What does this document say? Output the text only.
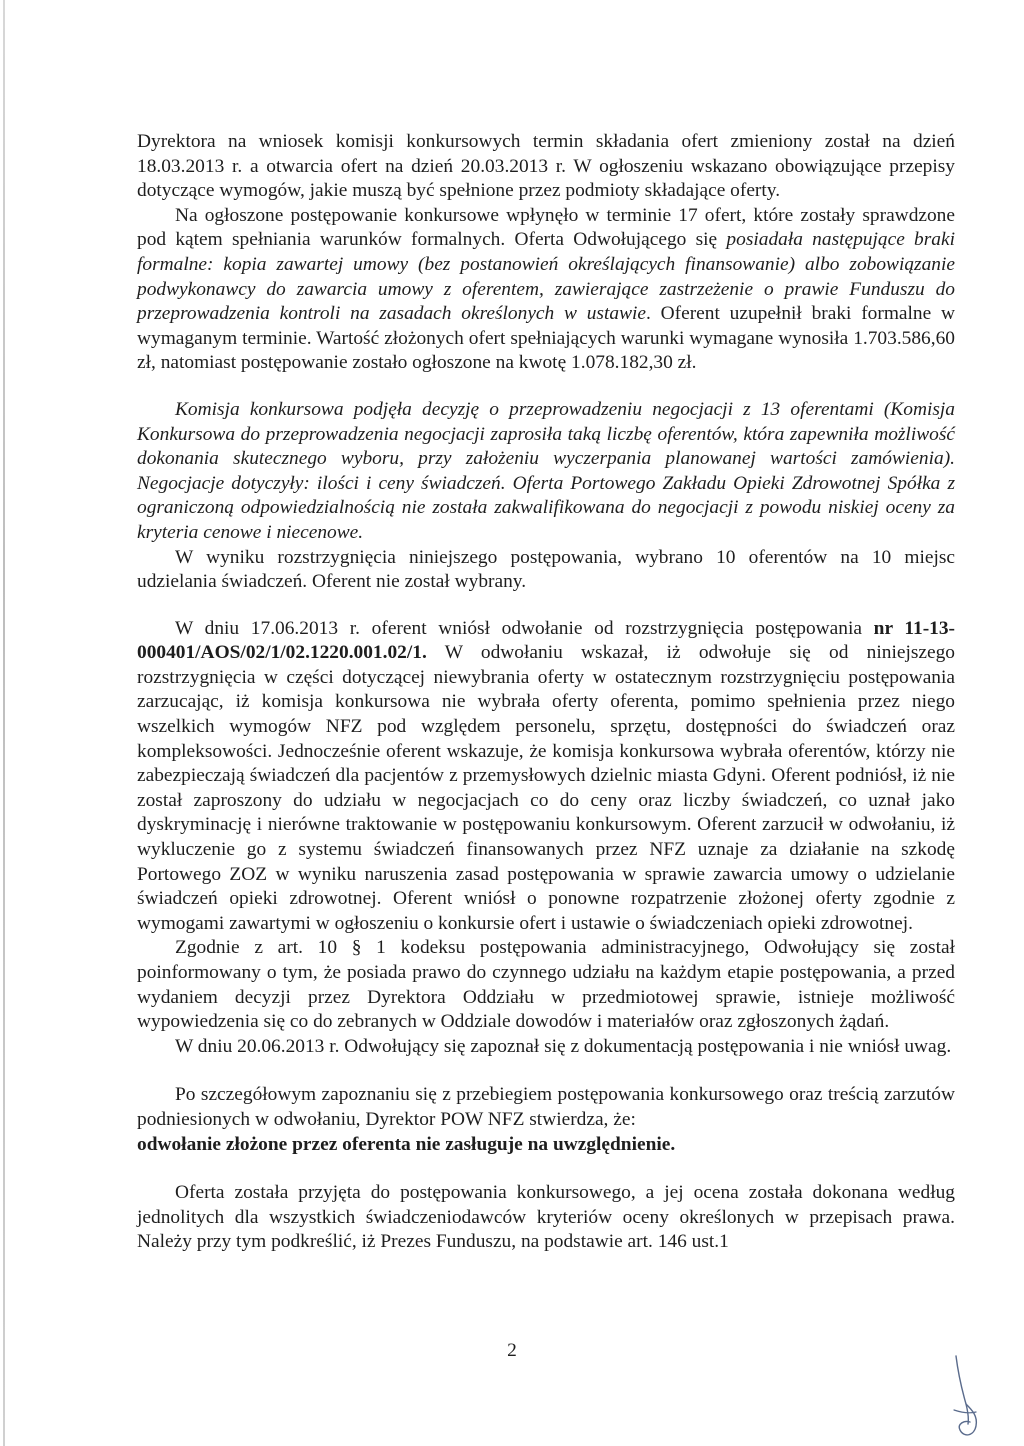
Dyrektora na wniosek komisji konkursowych termin składania ofert zmieniony został na dzień 18.03.2013 r. a otwarcia ofert na dzień 20.03.2013 r. W ogłoszeniu wskazano obowiązujące przepisy dotyczące wymogów, jakie muszą być spełnione przez podmioty składające oferty.

Na ogłoszone postępowanie konkursowe wpłynęło w terminie 17 ofert, które zostały sprawdzone pod kątem spełniania warunków formalnych. Oferta Odwołującego się posiadała następujące braki formalne: kopia zawartej umowy (bez postanowień określających finansowanie) albo zobowiązanie podwykonawcy do zawarcia umowy z oferentem, zawierające zastrzeżenie o prawie Funduszu do przeprowadzenia kontroli na zasadach określonych w ustawie. Oferent uzupełnił braki formalne w wymaganym terminie. Wartość złożonych ofert spełniających warunki wymagane wynosiła 1.703.586,60 zł, natomiast postępowanie zostało ogłoszone na kwotę 1.078.182,30 zł.

Komisja konkursowa podjęła decyzję o przeprowadzeniu negocjacji z 13 oferentami (Komisja Konkursowa do przeprowadzenia negocjacji zaprosiła taką liczbę oferentów, która zapewniła możliwość dokonania skutecznego wyboru, przy założeniu wyczerpania planowanej wartości zamówienia). Negocjacje dotyczyły: ilości i ceny świadczeń. Oferta Portowego Zakładu Opieki Zdrowotnej Spółka z ograniczoną odpowiedzialnością nie została zakwalifikowana do negocjacji z powodu niskiej oceny za kryteria cenowe i niecenowe.

W wyniku rozstrzygnięcia niniejszego postępowania, wybrano 10 oferentów na 10 miejsc udzielania świadczeń. Oferent nie został wybrany.

W dniu 17.06.2013 r. oferent wniósł odwołanie od rozstrzygnięcia postępowania nr 11-13-000401/AOS/02/1/02.1220.001.02/1. W odwołaniu wskazał, iż odwołuje się od niniejszego rozstrzygnięcia w części dotyczącej niewybrania oferty w ostatecznym rozstrzygnięciu postępowania zarzucając, iż komisja konkursowa nie wybrała oferty oferenta, pomimo spełnienia przez niego wszelkich wymogów NFZ pod względem personelu, sprzętu, dostępności do świadczeń oraz kompleksowości. Jednocześnie oferent wskazuje, że komisja konkursowa wybrała oferentów, którzy nie zabezpieczają świadczeń dla pacjentów z przemysłowych dzielnic miasta Gdyni. Oferent podniósł, iż nie został zaproszony do udziału w negocjacjach co do ceny oraz liczby świadczeń, co uznał jako dyskryminację i nierówne traktowanie w postępowaniu konkursowym. Oferent zarzucił w odwołaniu, iż wykluczenie go z systemu świadczeń finansowanych przez NFZ uznaje za działanie na szkodę Portowego ZOZ w wyniku naruszenia zasad postępowania w sprawie zawarcia umowy o udzielanie świadczeń opieki zdrowotnej. Oferent wniósł o ponowne rozpatrzenie złożonej oferty zgodnie z wymogami zawartymi w ogłoszeniu o konkursie ofert i ustawie o świadczeniach opieki zdrowotnej.

Zgodnie z art. 10 § 1 kodeksu postępowania administracyjnego, Odwołujący się został poinformowany o tym, że posiada prawo do czynnego udziału na każdym etapie postępowania, a przed wydaniem decyzji przez Dyrektora Oddziału w przedmiotowej sprawie, istnieje możliwość wypowiedzenia się co do zebranych w Oddziale dowodów i materiałów oraz zgłoszonych żądań.

W dniu 20.06.2013 r. Odwołujący się zapoznał się z dokumentacją postępowania i nie wniósł uwag.

Po szczegółowym zapoznaniu się z przebiegiem postępowania konkursowego oraz treścią zarzutów podniesionych w odwołaniu, Dyrektor POW NFZ stwierdza, że:

odwołanie złożone przez oferenta nie zasługuje na uwzględnienie.

Oferta została przyjęta do postępowania konkursowego, a jej ocena została dokonana według jednolitych dla wszystkich świadczeniodawców kryteriów oceny określonych w przepisach prawa. Należy przy tym podkreślić, iż Prezes Funduszu, na podstawie art. 146 ust.1

2
